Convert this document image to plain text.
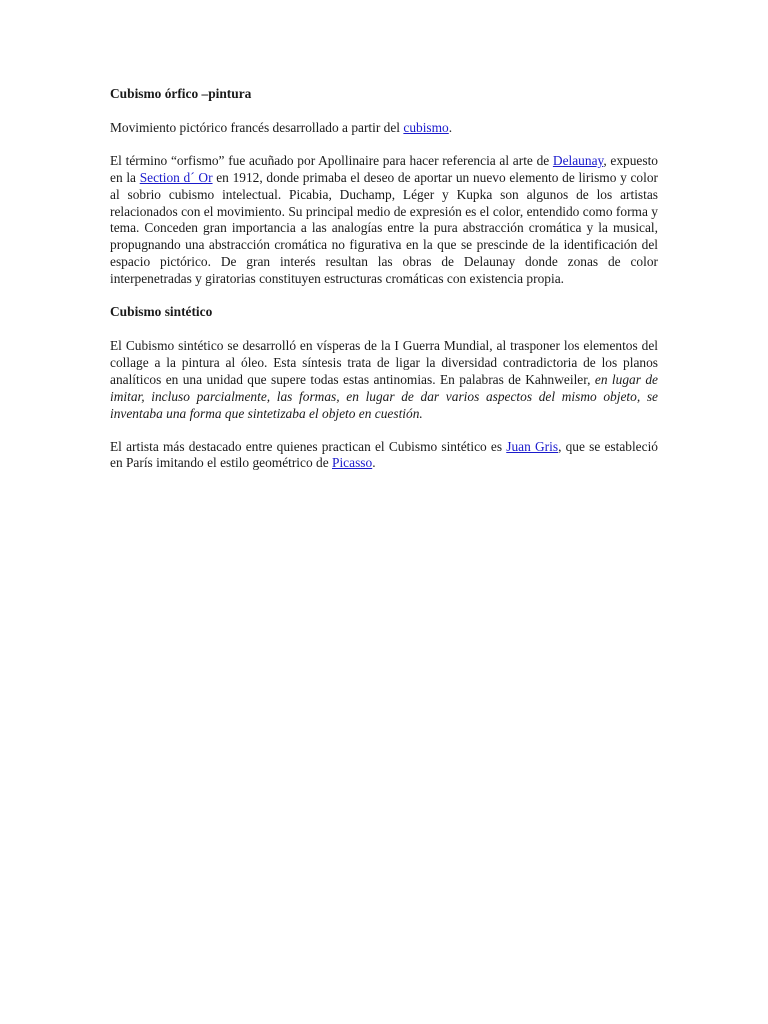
Cubismo órfico –pintura

Movimiento pictórico francés desarrollado a partir del cubismo.

El término “orfismo” fue acuñado por Apollinaire para hacer referencia al arte de Delaunay, expuesto en la Section d´ Or en 1912, donde primaba el deseo de aportar un nuevo elemento de lirismo y color al sobrio cubismo intelectual. Picabia, Duchamp, Léger y Kupka son algunos de los artistas relacionados con el movimiento. Su principal medio de expresión es el color, entendido como forma y tema. Conceden gran importancia a las analogías entre la pura abstracción cromática y la musical, propugnando una abstracción cromática no figurativa en la que se prescinde de la identificación del espacio pictórico. De gran interés resultan las obras de Delaunay donde zonas de color interpenetradas y giratorias constituyen estructuras cromáticas con existencia propia.

Cubismo sintético

El Cubismo sintético se desarrolló en vísperas de la I Guerra Mundial, al trasponer los elementos del collage a la pintura al óleo. Esta síntesis trata de ligar la diversidad contradictoria de los planos analíticos en una unidad que supere todas estas antinomias. En palabras de Kahnweiler, en lugar de imitar, incluso parcialmente, las formas, en lugar de dar varios aspectos del mismo objeto, se inventaba una forma que sintetizaba el objeto en cuestión.

El artista más destacado entre quienes practican el Cubismo sintético es Juan Gris, que se estableció en París imitando el estilo geométrico de Picasso.
